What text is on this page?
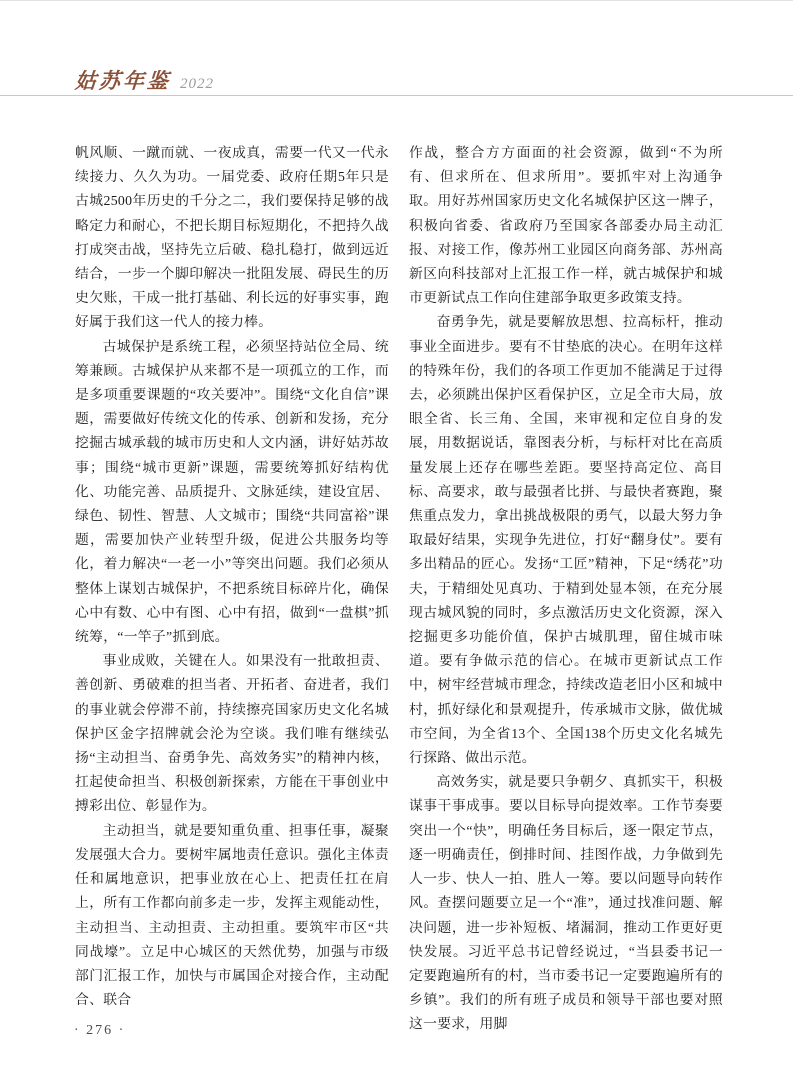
姑苏年鉴 2022

帆风顺、一蹴而就、一夜成真，需要一代又一代永续接力、久久为功。一届党委、政府任期5年只是古城2500年历史的千分之二，我们要保持足够的战略定力和耐心，不把长期目标短期化，不把持久战打成突击战，坚持先立后破、稳扎稳打，做到远近结合，一步一个脚印解决一批阻发展、碍民生的历史欠账，干成一批打基础、利长远的好事实事，跑好属于我们这一代人的接力棒。

古城保护是系统工程，必须坚持站位全局、统筹兼顾。古城保护从来都不是一项孤立的工作，而是多项重要课题的“攻关要冲”。围绕“文化自信”课题，需要做好传统文化的传承、创新和发扬，充分挖掘古城承载的城市历史和人文内涵，讲好姑苏故事；围绕“城市更新”课题，需要统筹抓好结构优化、功能完善、品质提升、文脉延续，建设宜居、绿色、韧性、智慧、人文城市；围绕“共同富裕”课题，需要加快产业转型升级，促进公共服务均等化，着力解决“一老一小”等突出问题。我们必须从整体上谋划古城保护，不把系统目标碎片化，确保心中有数、心中有图、心中有招，做到“一盘棋”抓统筹，“一竿子”抓到底。

事业成败，关键在人。如果没有一批敢担责、善创新、勇破难的担当者、开拓者、奋进者，我们的事业就会停滞不前，持续擦亮国家历史文化名城保护区金字招牌就会沦为空谈。我们唯有继续弘扬“主动担当、奋勇争先、高效务实”的精神内核，扛起使命担当、积极创新探索，方能在干事创业中搏彩出位、彰显作为。

主动担当，就是要知重负重、担事任事，凝聚发展强大合力。要树牢属地责任意识。强化主体责任和属地意识，把事业放在心上、把责任扛在肩上，所有工作都向前多走一步，发挥主观能动性，主动担当、主动担责、主动担重。要筑牢市区“共同战壕”。立足中心城区的天然优势，加强与市级部门汇报工作，加快与市属国企对接合作，主动配合、联合

作战，整合方方面面的社会资源，做到“不为所有、但求所在、但求所用”。要抓牢对上沟通争取。用好苏州国家历史文化名城保护区这一牌子，积极向省委、省政府乃至国家各部委办局主动汇报、对接工作，像苏州工业园区向商务部、苏州高新区向科技部对上汇报工作一样，就古城保护和城市更新试点工作向住建部争取更多政策支持。

奋勇争先，就是要解放思想、拉高标杆，推动事业全面进步。要有不甘垫底的决心。在明年这样的特殊年份，我们的各项工作更加不能满足于过得去，必须跳出保护区看保护区，立足全市大局，放眼全省、长三角、全国，来审视和定位自身的发展，用数据说话，靠图表分析，与标杆对比在高质量发展上还存在哪些差距。要坚持高定位、高目标、高要求，敢与最强者比拼、与最快者赛跑，聚焦重点发力，拿出挑战极限的勇气，以最大努力争取最好结果，实现争先进位，打好“翻身仗”。要有多出精品的匠心。发扬“工匠”精神，下足“绣花”功夫，于精细处见真功、于精到处显本领，在充分展现古城风貌的同时，多点激活历史文化资源，深入挖掘更多功能价值，保护古城肌理，留住城市味道。要有争做示范的信心。在城市更新试点工作中，树牢经营城市理念，持续改造老旧小区和城中村，抓好绿化和景观提升，传承城市文脉，做优城市空间，为全省13个、全国138个历史文化名城先行探路、做出示范。

高效务实，就是要只争朝夕、真抓实干，积极谋事干事成事。要以目标导向提效率。工作节奏要突出一个“快”，明确任务目标后，逐一限定节点，逐一明确责任，倒排时间、挂图作战，力争做到先人一步、快人一拍、胜人一筹。要以问题导向转作风。查摆问题要立足一个“准”，通过找准问题、解决问题，进一步补短板、堵漏洞，推动工作更好更快发展。习近平总书记曾经说过，“当县委书记一定要跑遍所有的村，当市委书记一定要跑遍所有的乡镇”。我们的所有班子成员和领导干部也要对照这一要求，用脚

· 276 ·
